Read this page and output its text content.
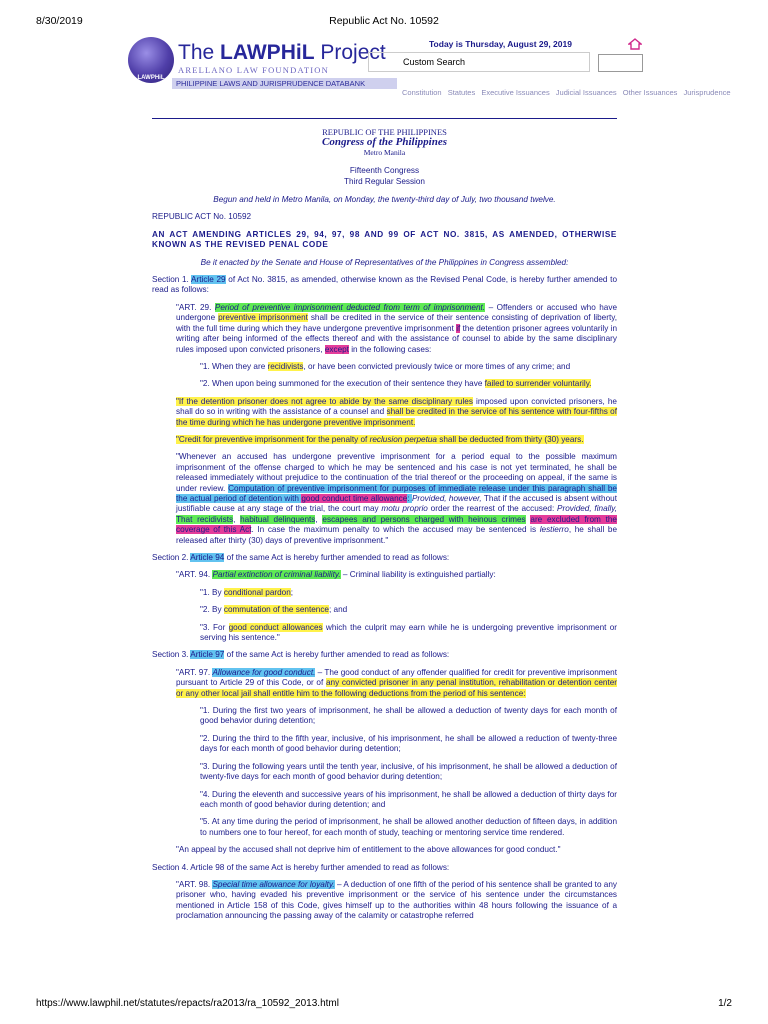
8/30/2019	Republic Act No. 10592
LAWPHiL
The LAWPHiL Project
ARELLANO LAW FOUNDATION
PHILIPPINE LAWS AND JURISPRUDENCE DATABANK
Today is Thursday, August 29, 2019
Custom Search
Constitution Statutes Executive Issuances Judicial Issuances Other Issuances Jurisprudence
REPUBLIC OF THE PHILIPPINES
Congress of the Philippines
Metro Manila
Fifteenth Congress
Third Regular Session

Begun and held in Metro Manila, on Monday, the twenty-third day of July, two thousand twelve.

REPUBLIC ACT No. 10592

AN ACT AMENDING ARTICLES 29, 94, 97, 98 AND 99 OF ACT NO. 3815, AS AMENDED, OTHERWISE KNOWN AS THE REVISED PENAL CODE

Be it enacted by the Senate and House of Representatives of the Philippines in Congress assembled:

Section 1. Article 29 of Act No. 3815, as amended, otherwise known as the Revised Penal Code, is hereby further amended to read as follows:

"ART. 29. Period of preventive imprisonment deducted from term of imprisonment. – Offenders or accused who have undergone preventive imprisonment shall be credited in the service of their sentence consisting of deprivation of liberty, with the full time during which they have undergone preventive imprisonment if the detention prisoner agrees voluntarily in writing after being informed of the effects thereof and with the assistance of counsel to abide by the same disciplinary rules imposed upon convicted prisoners, except in the following cases:

"1. When they are recidivists, or have been convicted previously twice or more times of any crime; and

"2. When upon being summoned for the execution of their sentence they have failed to surrender voluntarily.

"If the detention prisoner does not agree to abide by the same disciplinary rules imposed upon convicted prisoners, he shall do so in writing with the assistance of a counsel and shall be credited in the service of his sentence with four-fifths of the time during which he has undergone preventive imprisonment.

"Credit for preventive imprisonment for the penalty of reclusion perpetua shall be deducted from thirty (30) years.

"Whenever an accused has undergone preventive imprisonment for a period equal to the possible maximum imprisonment of the offense charged to which he may be sentenced and his case is not yet terminated, he shall be released immediately without prejudice to the continuation of the trial thereof or the proceeding on appeal, if the same is under review. Computation of preventive imprisonment for purposes of immediate release under this paragraph shall be the actual period of detention with good conduct time allowance: Provided, however, That if the accused is absent without justifiable cause at any stage of the trial, the court may motu proprio order the rearrest of the accused: Provided, finally, That recidivists, habitual delinquents, escapees and persons charged with heinous crimes are excluded from the coverage of this Act. In case the maximum penalty to which the accused may be sentenced is lestierro, he shall be released after thirty (30) days of preventive imprisonment."

Section 2. Article 94 of the same Act is hereby further amended to read as follows:

"ART. 94. Partial extinction of criminal liability. – Criminal liability is extinguished partially:

"1. By conditional pardon;

"2. By commutation of the sentence; and

"3. For good conduct allowances which the culprit may earn while he is undergoing preventive imprisonment or serving his sentence."

Section 3. Article 97 of the same Act is hereby further amended to read as follows:

"ART. 97. Allowance for good conduct. – The good conduct of any offender qualified for credit for preventive imprisonment pursuant to Article 29 of this Code, or of any convicted prisoner in any penal institution, rehabilitation or detention center or any other local jail shall entitle him to the following deductions from the period of his sentence:

"1. During the first two years of imprisonment, he shall be allowed a deduction of twenty days for each month of good behavior during detention;

"2. During the third to the fifth year, inclusive, of his imprisonment, he shall be allowed a reduction of twenty-three days for each month of good behavior during detention;

"3. During the following years until the tenth year, inclusive, of his imprisonment, he shall be allowed a deduction of twenty-five days for each month of good behavior during detention;

"4. During the eleventh and successive years of his imprisonment, he shall be allowed a deduction of thirty days for each month of good behavior during detention; and

"5. At any time during the period of imprisonment, he shall be allowed another deduction of fifteen days, in addition to numbers one to four hereof, for each month of study, teaching or mentoring service time rendered.

"An appeal by the accused shall not deprive him of entitlement to the above allowances for good conduct."

Section 4. Article 98 of the same Act is hereby further amended to read as follows:

"ART. 98. Special time allowance for loyalty. – A deduction of one fifth of the period of his sentence shall be granted to any prisoner who, having evaded his preventive imprisonment or the service of his sentence under the circumstances mentioned in Article 158 of this Code, gives himself up to the authorities within 48 hours following the issuance of a proclamation announcing the passing away of the calamity or catastrophe referred

https://www.lawphil.net/statutes/repacts/ra2013/ra_10592_2013.html	1/2
